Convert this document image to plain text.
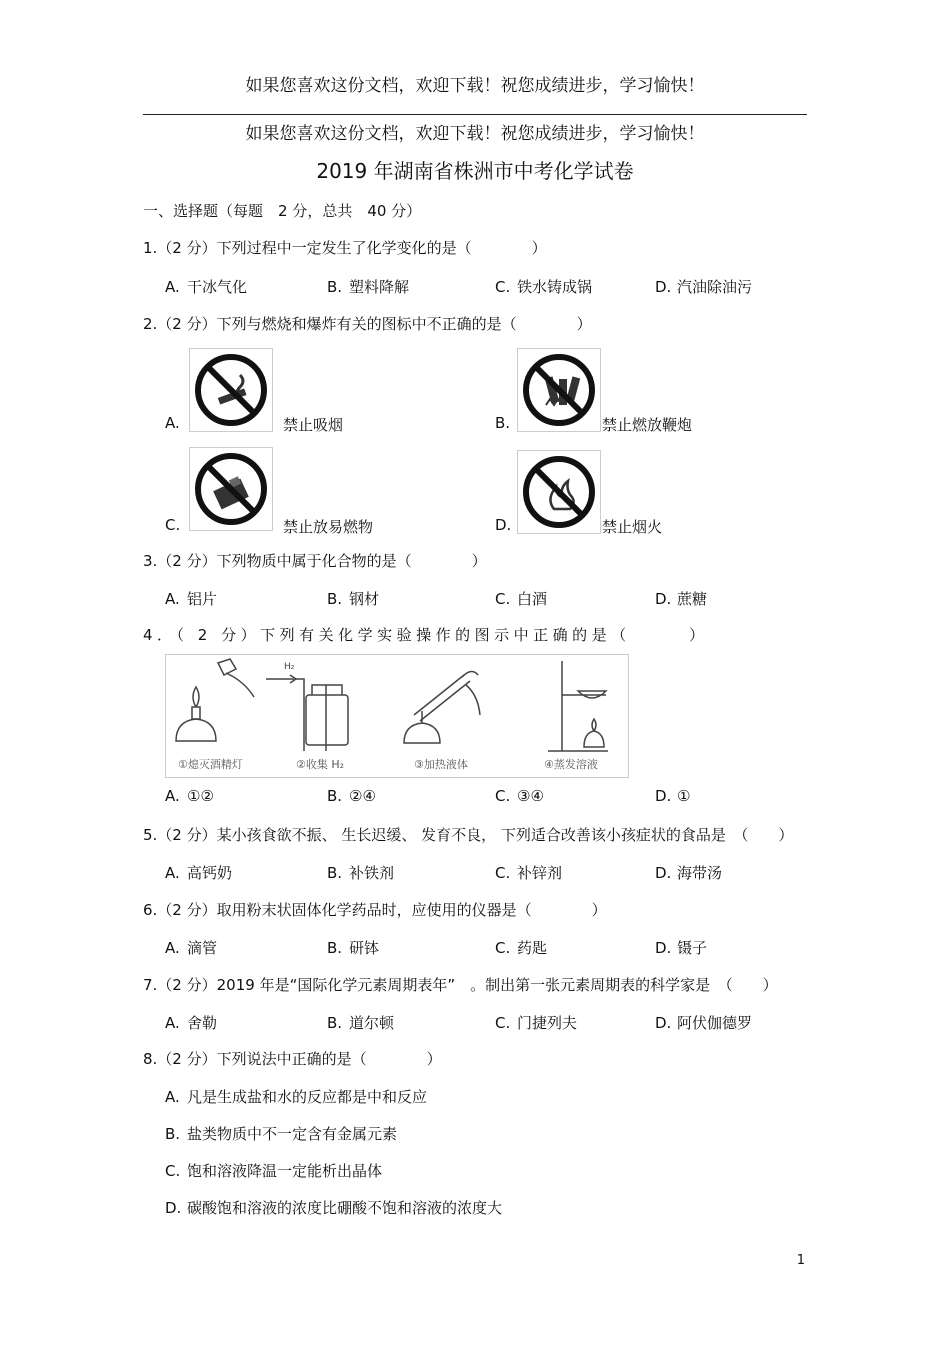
如果您喜欢这份文档，欢迎下载！祝您成绩进步，学习愉快！
如果您喜欢这份文档，欢迎下载！祝您成绩进步，学习愉快！
2019 年湖南省株洲市中考化学试卷
一、选择题（每题　2 分，总共　40 分）
1.（2 分）下列过程中一定发生了化学变化的是（　　　　）
A. 干冰气化	B. 塑料降解	C. 铁水铸成锅	D. 汽油除油污
2.（2 分）下列与燃烧和爆炸有关的图标中不正确的是（　　　　）
A.	禁止吸烟	B.	禁止燃放鞭炮
C.	禁止放易燃物	D.	禁止烟火
3.（2 分）下列物质中属于化合物的是（　　　　）
A. 铝片	B. 钢材	C. 白酒	D. 蔗糖
4．（ 2 分）下列有关化学实验操作的图示中正确的是（　　　）
H₂
①熄灭酒精灯	②收集 H₂	③加热液体	④蒸发溶液
A. ①②	B. ②④	C. ③④	D. ①
5.（2 分）某小孩食欲不振、 生长迟缓、 发育不良， 下列适合改善该小孩症状的食品是　（　　）
A. 高钙奶	B. 补铁剂	C. 补锌剂	D. 海带汤
6.（2 分）取用粉末状固体化学药品时，应使用的仪器是（　　　　）
A. 滴管	B. 研钵	C. 药匙	D. 镊子
7.（2 分）2019 年是“国际化学元素周期表年”　。制出第一张元素周期表的科学家是　（　　）
A. 舍勒	B. 道尔顿	C. 门捷列夫	D. 阿伏伽德罗
8.（2 分）下列说法中正确的是（　　　　）
A. 凡是生成盐和水的反应都是中和反应
B. 盐类物质中不一定含有金属元素
C. 饱和溶液降温一定能析出晶体
D. 碳酸饱和溶液的浓度比硼酸不饱和溶液的浓度大
1
